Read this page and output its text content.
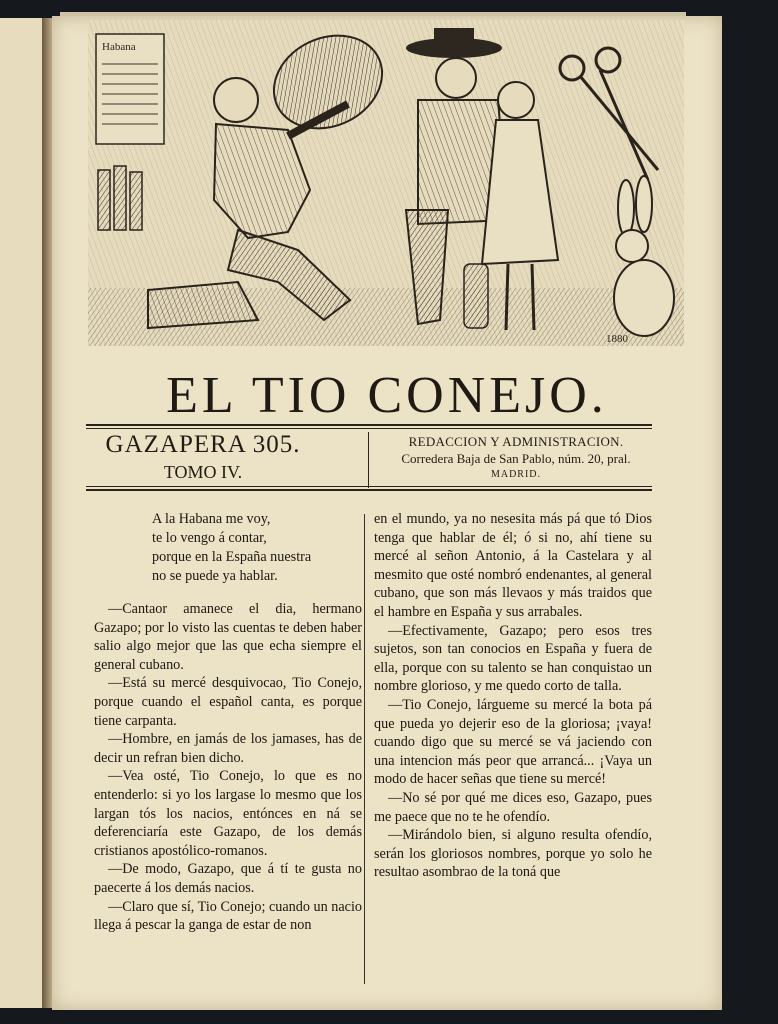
Habana
1880
EL TIO CONEJO.
GAZAPERA 305.
TOMO IV.
REDACCION Y ADMINISTRACION.
Corredera Baja de San Pablo, núm. 20, pral.
MADRID.
A la Habana me voy,
te lo vengo á contar,
porque en la España nuestra
no se puede ya hablar.

—Cantaor amanece el dia, hermano Gazapo; por lo visto las cuentas te deben haber salio algo mejor que las que echa siempre el general cubano.

—Está su mercé desquivocao, Tio Conejo, porque cuando el español canta, es porque tiene carpanta.

—Hombre, en jamás de los jamases, has de decir un refran bien dicho.

—Vea osté, Tio Conejo, lo que es no entenderlo: si yo los largase lo mesmo que los largan tós los nacios, entónces en ná se deferenciaría este Gazapo, de los demás cristianos apostólico-romanos.

—De modo, Gazapo, que á tí te gusta no paecerte á los demás nacios.

—Claro que sí, Tio Conejo; cuando un nacio llega á pescar la ganga de estar de non

en el mundo, ya no nesesita más pá que tó Dios tenga que hablar de él; ó si no, ahí tiene su mercé al señon Antonio, á la Castelara y al mesmito que osté nombró endenantes, al general cubano, que son más llevaos y más traidos que el hambre en España y sus arrabales.

—Efectivamente, Gazapo; pero esos tres sujetos, son tan conocios en España y fuera de ella, porque con su talento se han conquistao un nombre glorioso, y me quedo corto de talla.

—Tio Conejo, lárgueme su mercé la bota pá que pueda yo dejerir eso de la gloriosa; ¡vaya! cuando digo que su mercé se vá jaciendo con una intencion más peor que arrancá... ¡Vaya un modo de hacer señas que tiene su mercé!

—No sé por qué me dices eso, Gazapo, pues me paece que no te he ofendío.

—Mirándolo bien, si alguno resulta ofendío, serán los gloriosos nombres, porque yo solo he resultao asombrao de la toná que
